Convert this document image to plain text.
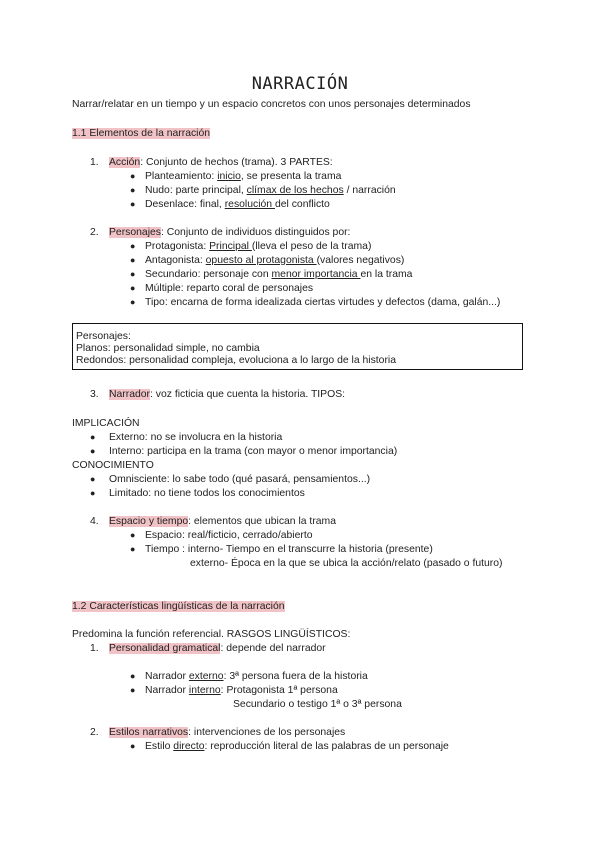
NARRACIÓN
Narrar/relatar en un tiempo y un espacio concretos con unos personajes determinados
1.1 Elementos de la narración
1. Acción: Conjunto de hechos (trama). 3 PARTES:
● Planteamiento: inicio, se presenta la trama
● Nudo: parte principal, clímax de los hechos / narración
● Desenlace: final, resolución del conflicto
2. Personajes: Conjunto de individuos distinguidos por:
● Protagonista: Principal (lleva el peso de la trama)
● Antagonista: opuesto al protagonista (valores negativos)
● Secundario: personaje con menor importancia en la trama
● Múltiple: reparto coral de personajes
● Tipo: encarna de forma idealizada ciertas virtudes y defectos (dama, galán...)
Personajes:
Planos: personalidad simple, no cambia
Redondos: personalidad compleja, evoluciona a lo largo de la historia
3. Narrador: voz ficticia que cuenta la historia. TIPOS:
IMPLICACIÓN
● Externo: no se involucra en la historia
● Interno: participa en la trama (con mayor o menor importancia)
CONOCIMIENTO
● Omnisciente: lo sabe todo (qué pasará, pensamientos...)
● Limitado: no tiene todos los conocimientos
4. Espacio y tiempo: elementos que ubican la trama
● Espacio: real/ficticio, cerrado/abierto
● Tiempo : interno- Tiempo en el transcurre la historia (presente)
externo- Época en la que se ubica la acción/relato (pasado o futuro)
1.2 Características lingüísticas de la narración
Predomina la función referencial. RASGOS LINGÜÍSTICOS:
1. Personalidad gramatical: depende del narrador
● Narrador externo: 3ª persona fuera de la historia
● Narrador interno: Protagonista 1ª persona
Secundario o testigo 1ª o 3ª persona
2. Estilos narrativos: intervenciones de los personajes
● Estilo directo: reproducción literal de las palabras de un personaje
